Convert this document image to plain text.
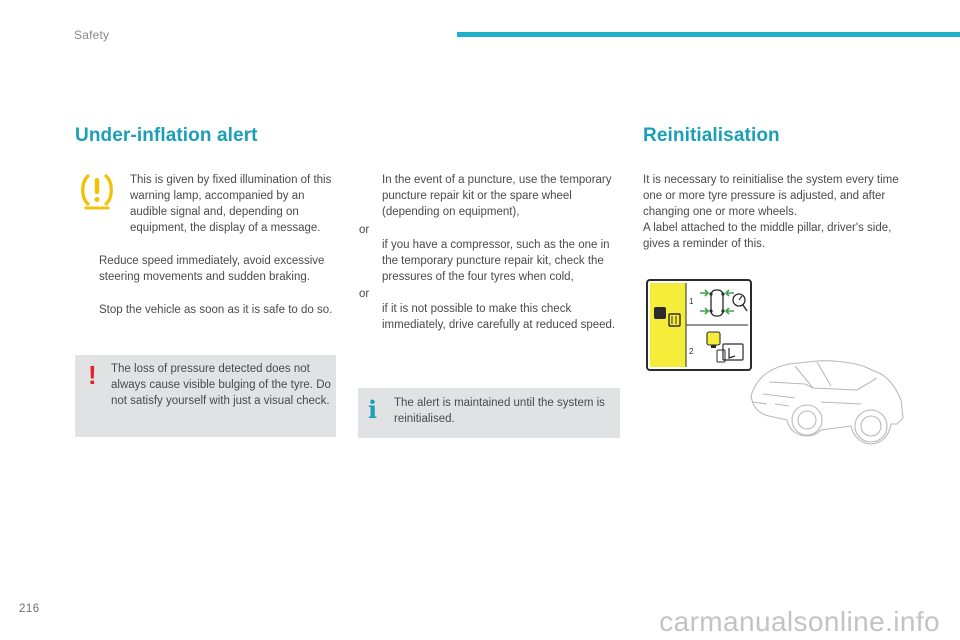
Safety
Under-inflation alert
This is given by fixed illumination of this warning lamp, accompanied by an audible signal and, depending on equipment, the display of a message.
Reduce speed immediately, avoid excessive steering movements and sudden braking.
Stop the vehicle as soon as it is safe to do so.
! The loss of pressure detected does not always cause visible bulging of the tyre. Do not satisfy yourself with just a visual check.
In the event of a puncture, use the temporary puncture repair kit or the spare wheel (depending on equipment),
or
if you have a compressor, such as the one in the temporary puncture repair kit, check the pressures of the four tyres when cold,
or
if it is not possible to make this check immediately, drive carefully at reduced speed.
i The alert is maintained until the system is reinitialised.
Reinitialisation
It is necessary to reinitialise the system every time one or more tyre pressure is adjusted, and after changing one or more wheels.
A label attached to the middle pillar, driver's side, gives a reminder of this.
1
2
216	carmanualsonline.info
